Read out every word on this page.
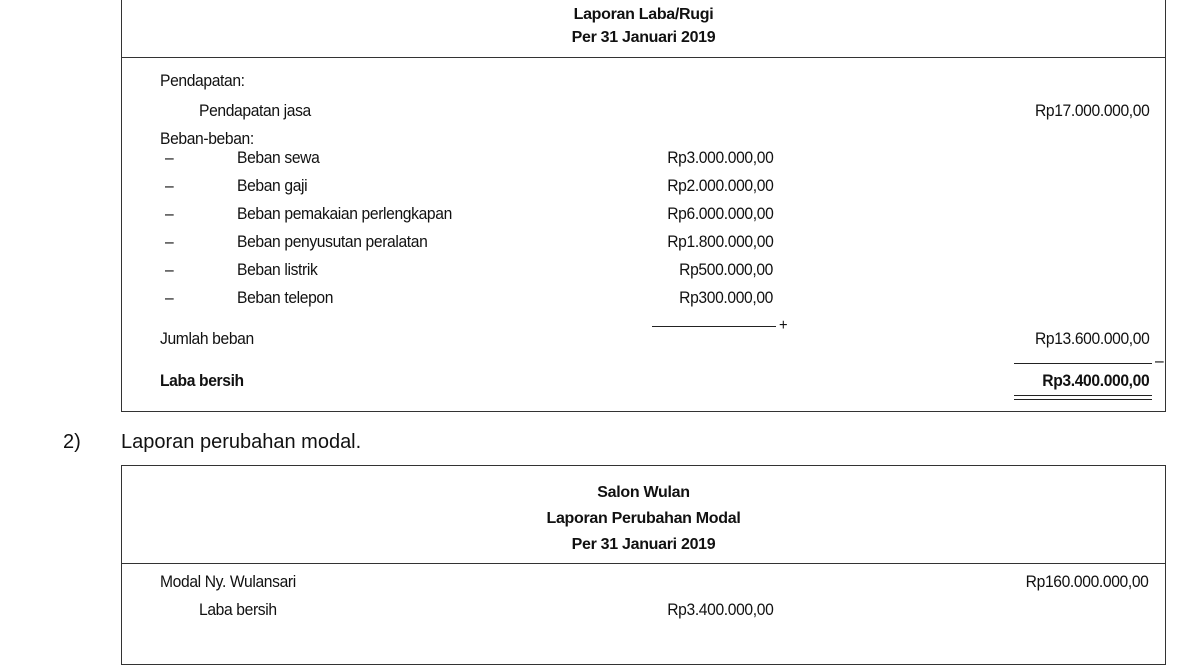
Laporan Laba/Rugi
Per 31 Januari 2019
Pendapatan:
Pendapatan jasa	Rp17.000.000,00
Beban-beban:
–	Beban sewa	Rp3.000.000,00
–	Beban gaji	Rp2.000.000,00
–	Beban pemakaian perlengkapan	Rp6.000.000,00
–	Beban penyusutan peralatan	Rp1.800.000,00
–	Beban listrik	Rp500.000,00
–	Beban telepon	Rp300.000,00
+
Jumlah beban	Rp13.600.000,00
–
Laba bersih	Rp3.400.000,00
2) Laporan perubahan modal.
Salon Wulan
Laporan Perubahan Modal
Per 31 Januari 2019
Modal Ny. Wulansari	Rp160.000.000,00
Laba bersih	Rp3.400.000,00
